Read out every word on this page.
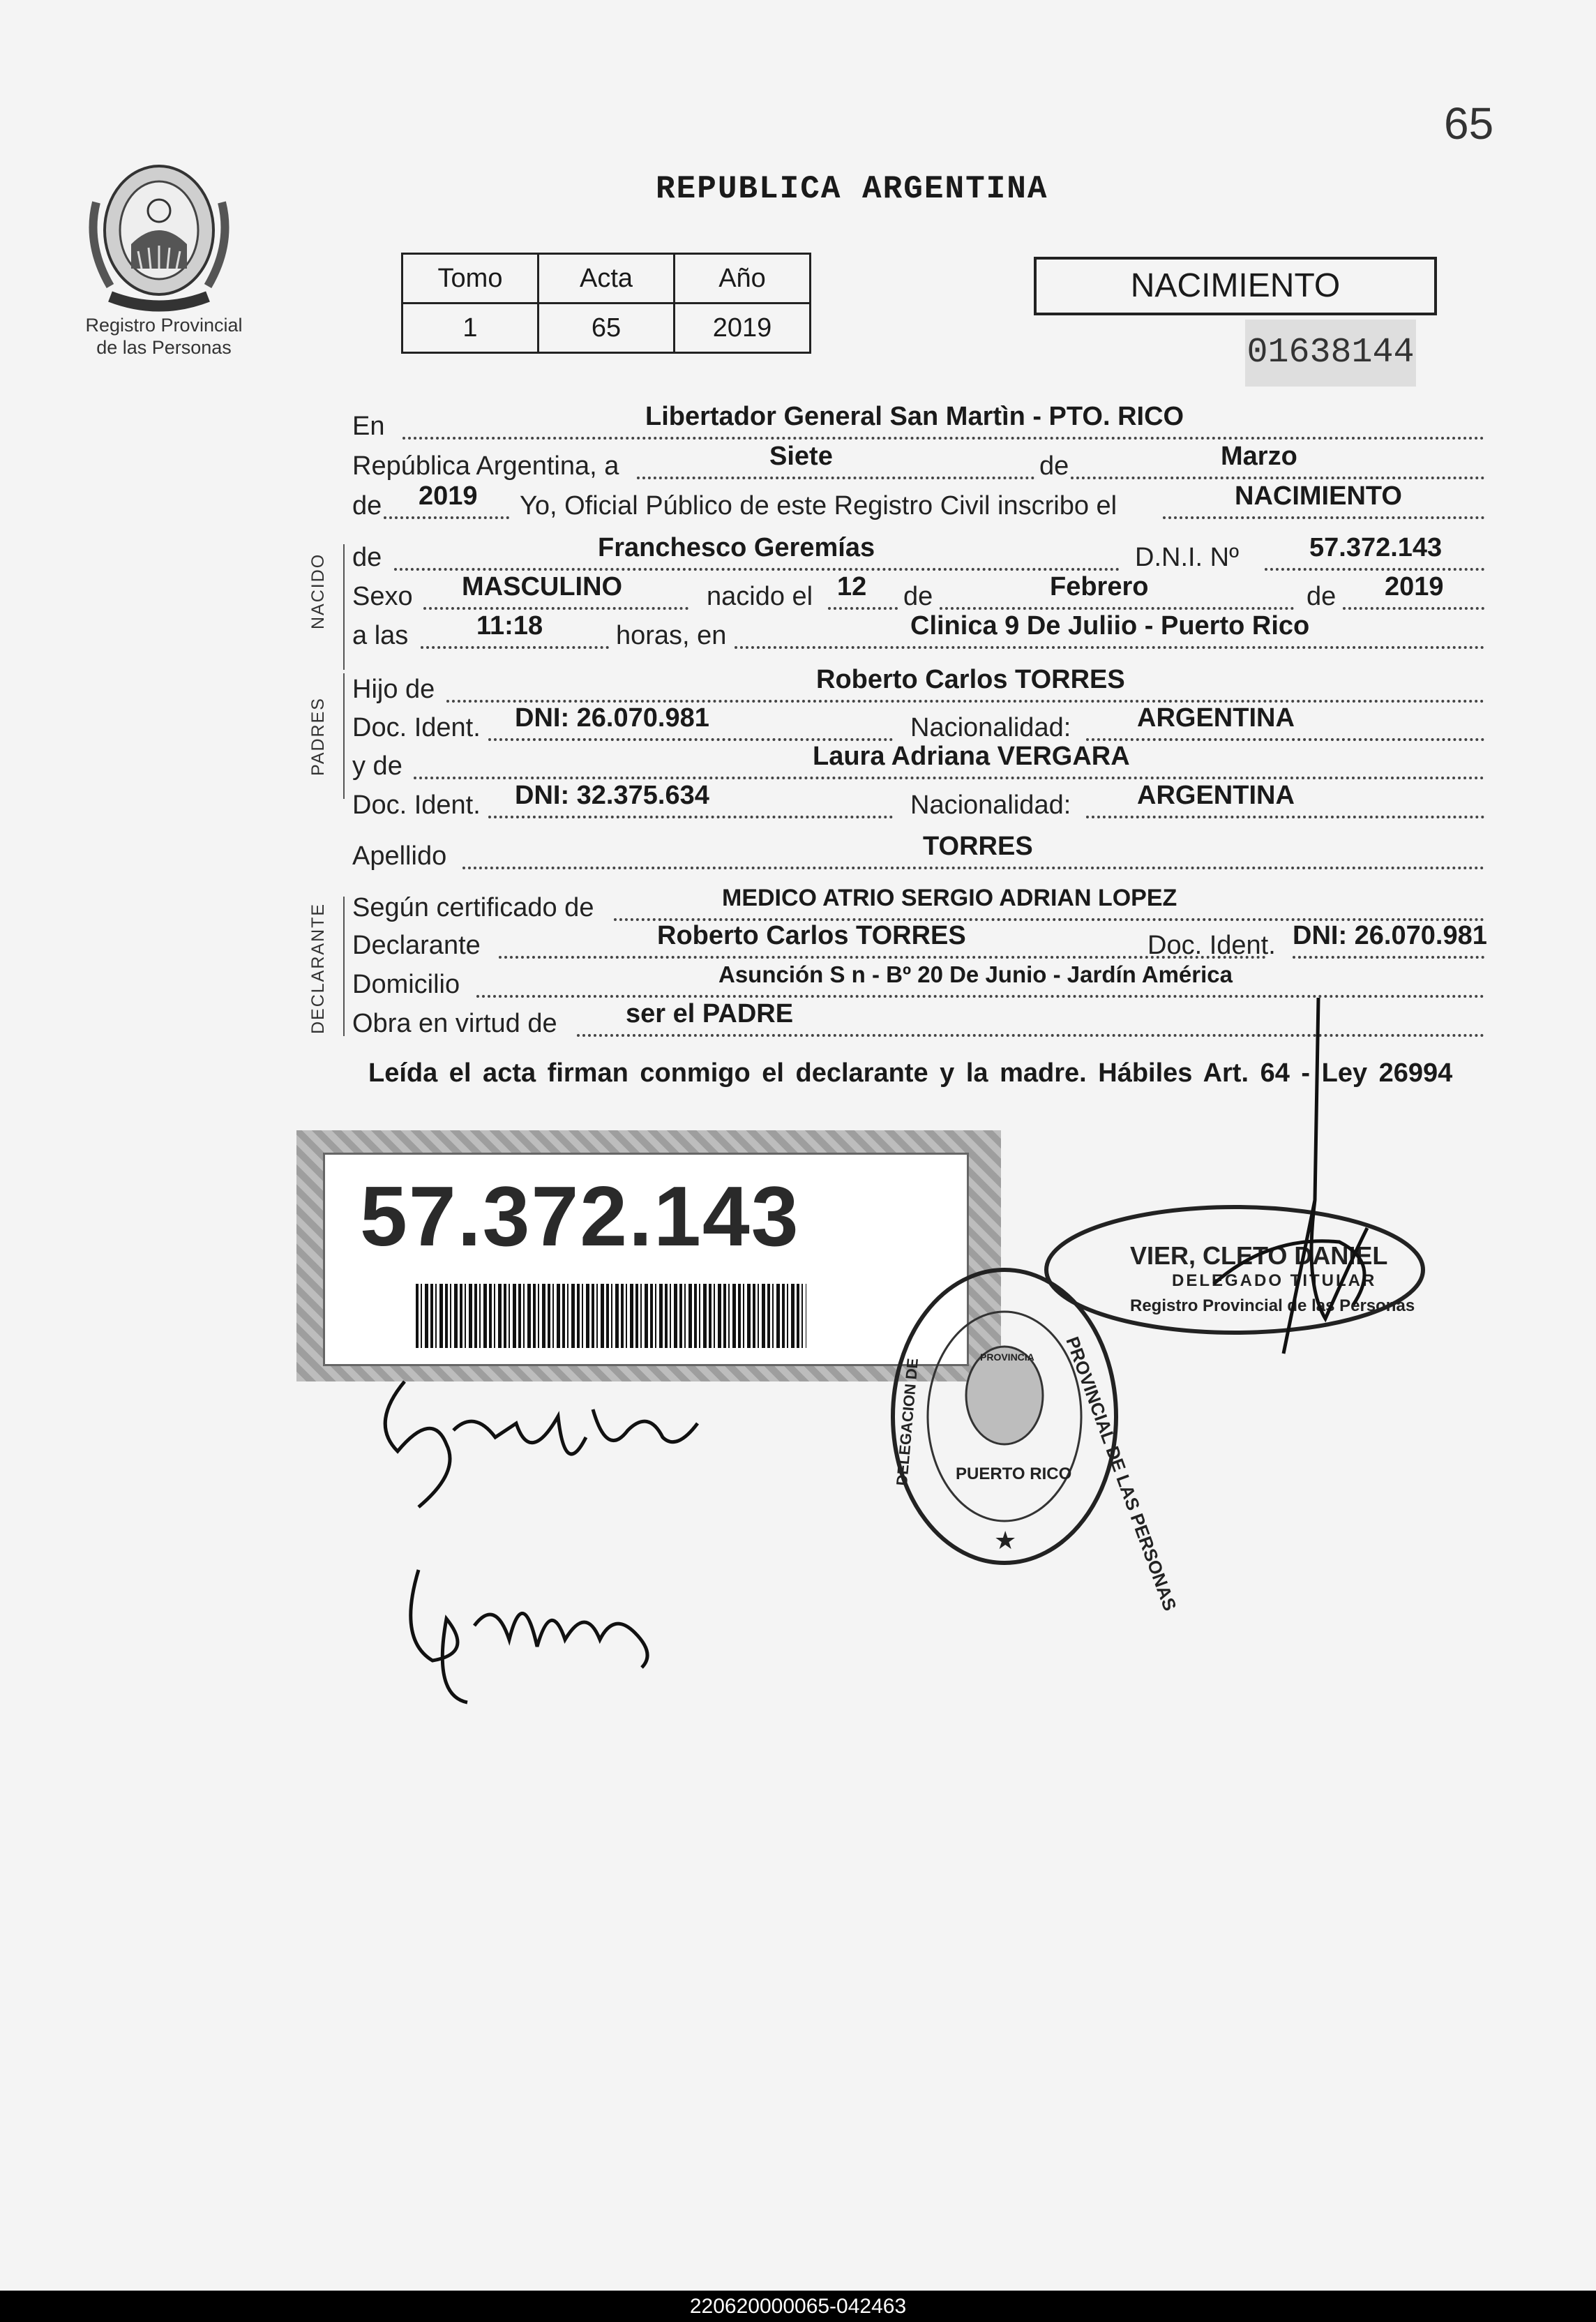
65
Registro Provincial
de las Personas
REPUBLICA ARGENTINA
Tomo	Acta	Año
1	65	2019
NACIMIENTO
01638144
NACIDO
PADRES
DECLARANTE
En	Libertador General San Martìn - PTO. RICO
República Argentina, a	Siete	de	Marzo
de 2019 Yo, Oficial Público de este Registro Civil inscribo el	NACIMIENTO
de	Franchesco Geremías	D.N.I. Nº	57.372.143
Sexo MASCULINO	nacido el 12 de	Febrero	de 2019
a las	11:18	horas, en	Clinica 9 De Juliio - Puerto Rico
Hijo de	Roberto Carlos TORRES
Doc. Ident. DNI: 26.070.981	Nacionalidad: ARGENTINA
y de	Laura Adriana VERGARA
Doc. Ident. DNI: 32.375.634	Nacionalidad: ARGENTINA
Apellido	TORRES
Según certificado de	MEDICO ATRIO SERGIO ADRIAN LOPEZ
Declarante	Roberto Carlos TORRES	Doc. Ident. DNI: 26.070.981
Domicilio	Asunción S n - Bº 20 De Junio - Jardín América
Obra en virtud de	ser el PADRE
Leída el acta firman conmigo el declarante y la madre. Hábiles Art. 64 - Ley 26994
57.372.143	VIER, CLETO DANIEL
DELEGADO TITULAR
Registro Provincial de las Personas
PROVINCIAL DE LAS PERSONAS
DELEGACION DE PUERTO RICO
PROVINCIA
★
220620000065-042463
